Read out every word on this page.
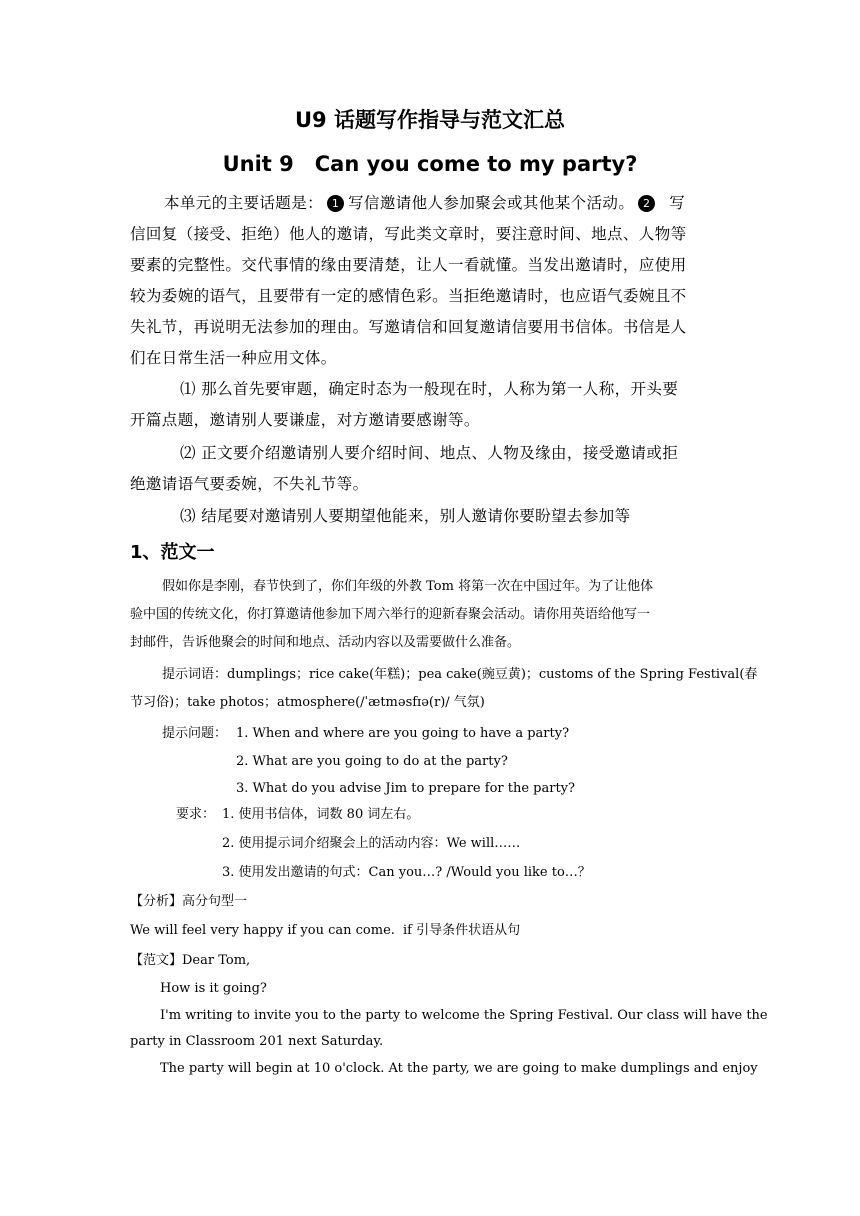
U9 话题写作指导与范文汇总
Unit 9　Can you come to my party?
本单元的主要话题是： 1 写信邀请他人参加聚会或其他某个活动。 2 写
信回复（接受、拒绝）他人的邀请，写此类文章时，要注意时间、地点、人物等
要素的完整性。交代事情的缘由要清楚，让人一看就懂。当发出邀请时，应使用
较为委婉的语气，且要带有一定的感情色彩。当拒绝邀请时，也应语气委婉且不
失礼节，再说明无法参加的理由。写邀请信和回复邀请信要用书信体。书信是人
们在日常生活一种应用文体。
⑴ 那么首先要审题，确定时态为一般现在时，人称为第一人称，开头要
开篇点题，邀请别人要谦虚，对方邀请要感谢等。
⑵ 正文要介绍邀请别人要介绍时间、地点、人物及缘由，接受邀请或拒
绝邀请语气要委婉，不失礼节等。
⑶ 结尾要对邀请别人要期望他能来，别人邀请你要盼望去参加等
1、范文一
假如你是李刚，春节快到了，你们年级的外教 Tom 将第一次在中国过年。为了让他体
验中国的传统文化，你打算邀请他参加下周六举行的迎新春聚会活动。请你用英语给他写一
封邮件，告诉他聚会的时间和地点、活动内容以及需要做什么准备。
提示词语：dumplings；rice cake(年糕)；pea cake(豌豆黄)；customs of the Spring Festival(春
节习俗)；take photos；atmosphere(/ˈætməsfɪə(r)/ 气氛)
提示问题： 1. When and where are you going to have a party?
2. What are you going to do at the party?
3. What do you advise Jim to prepare for the party?
要求： 1. 使用书信体，词数 80 词左右。
2. 使用提示词介绍聚会上的活动内容：We will……
3. 使用发出邀请的句式：Can you…? /Would you like to…？
【分析】高分句型一
We will feel very happy if you can come. if 引导条件状语从句
【范文】Dear Tom,
How is it going?
I'm writing to invite you to the party to welcome the Spring Festival. Our class will have the
party in Classroom 201 next Saturday.
The party will begin at 10 o'clock. At the party, we are going to make dumplings and enjoy
